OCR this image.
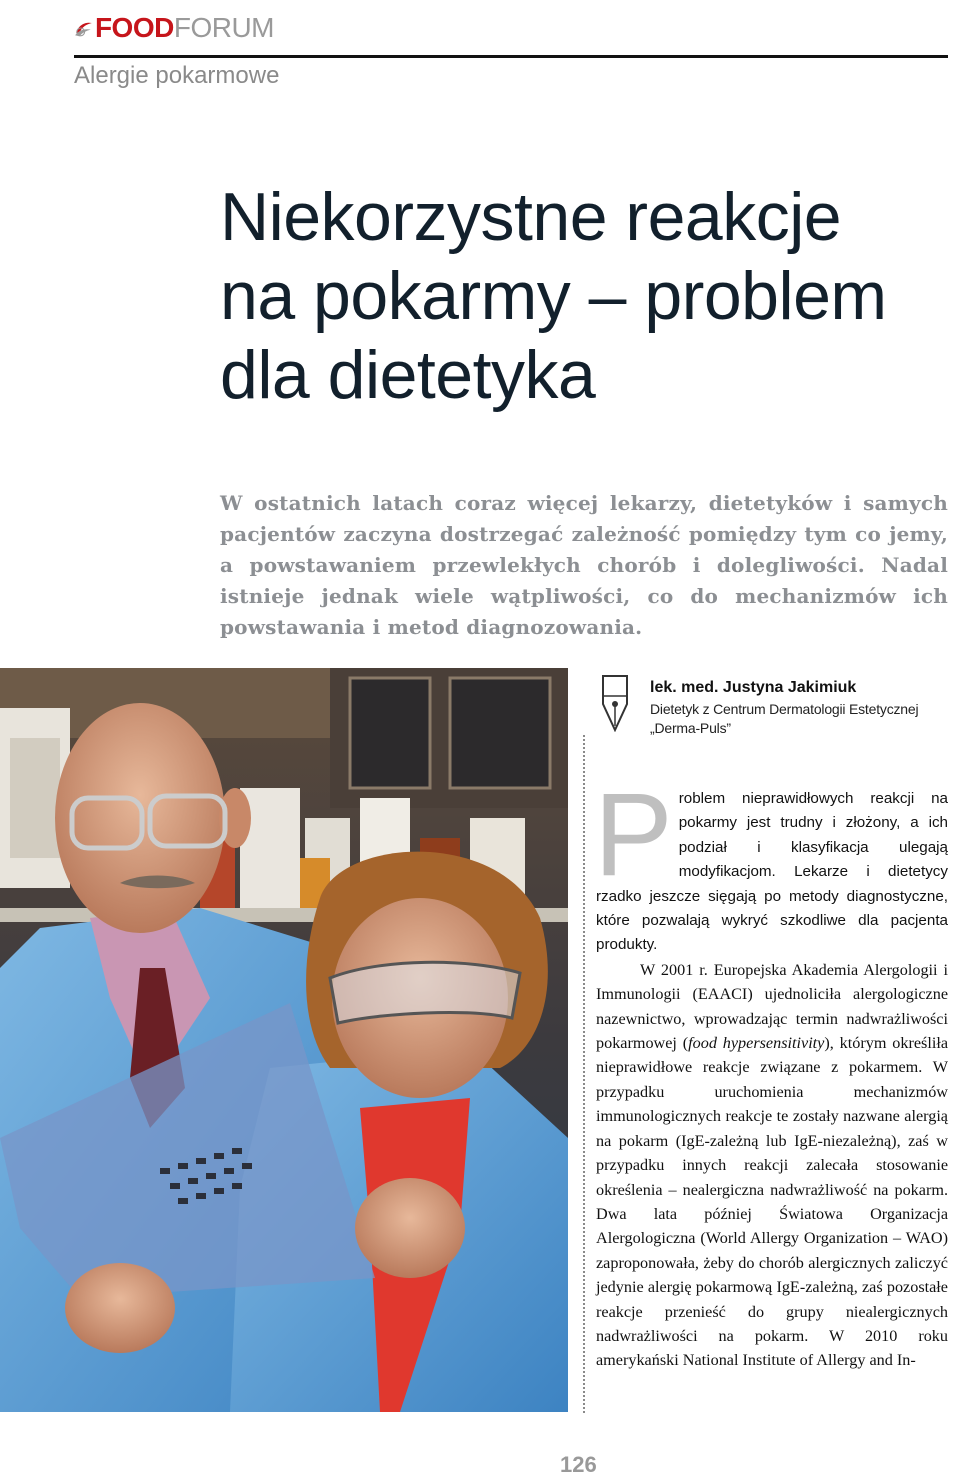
FOODFORUM
Alergie pokarmowe
Niekorzystne reakcje
na pokarmy – problem
dla dietetyka
W ostatnich latach coraz więcej lekarzy, dietetyków i samych pacjentów zaczyna dostrzegać zależność pomiędzy tym co jemy, a powstawaniem przewlekłych chorób i dolegliwości. Nadal istnieje jednak wiele wątpliwości, co do mechanizmów ich powstawania i metod diagnozowania.
lek. med. Justyna Jakimiuk
Dietetyk z Centrum Dermatologii Estetycznej „Derma-Puls”
P roblem nieprawidłowych reakcji na pokarmy jest trudny i złożony, a ich podział i klasyfikacja ulegają modyfikacjom. Lekarze i dietetycy rzadko jeszcze sięgają po metody diagnostyczne, które pozwalają wykryć szkodliwe dla pacjenta produkty.

W 2001 r. Europejska Akademia Alergologii i Immunologii (EAACI) ujednoliciła alergologiczne nazewnictwo, wprowadzając termin nadwrażliwości pokarmowej (food hypersensitivity), którym określiła nieprawidłowe reakcje związane z pokarmem. W przypadku uruchomienia mechanizmów immunologicznych reakcje te zostały nazwane alergią na pokarm (IgE-zależną lub IgE-niezależną), zaś w przypadku innych reakcji zalecała stosowanie określenia – nealergiczna nadwrażliwość na pokarm. Dwa lata później Światowa Organizacja Alergologiczna (World Allergy Organization – WAO) zaproponowała, żeby do chorób alergicznych zaliczyć jedynie alergię pokarmową IgE-zależną, zaś pozostałe reakcje przenieść do grupy niealergicznych nadwrażliwości na pokarm. W 2010 roku amerykański National Institute of Allergy and In-

126
